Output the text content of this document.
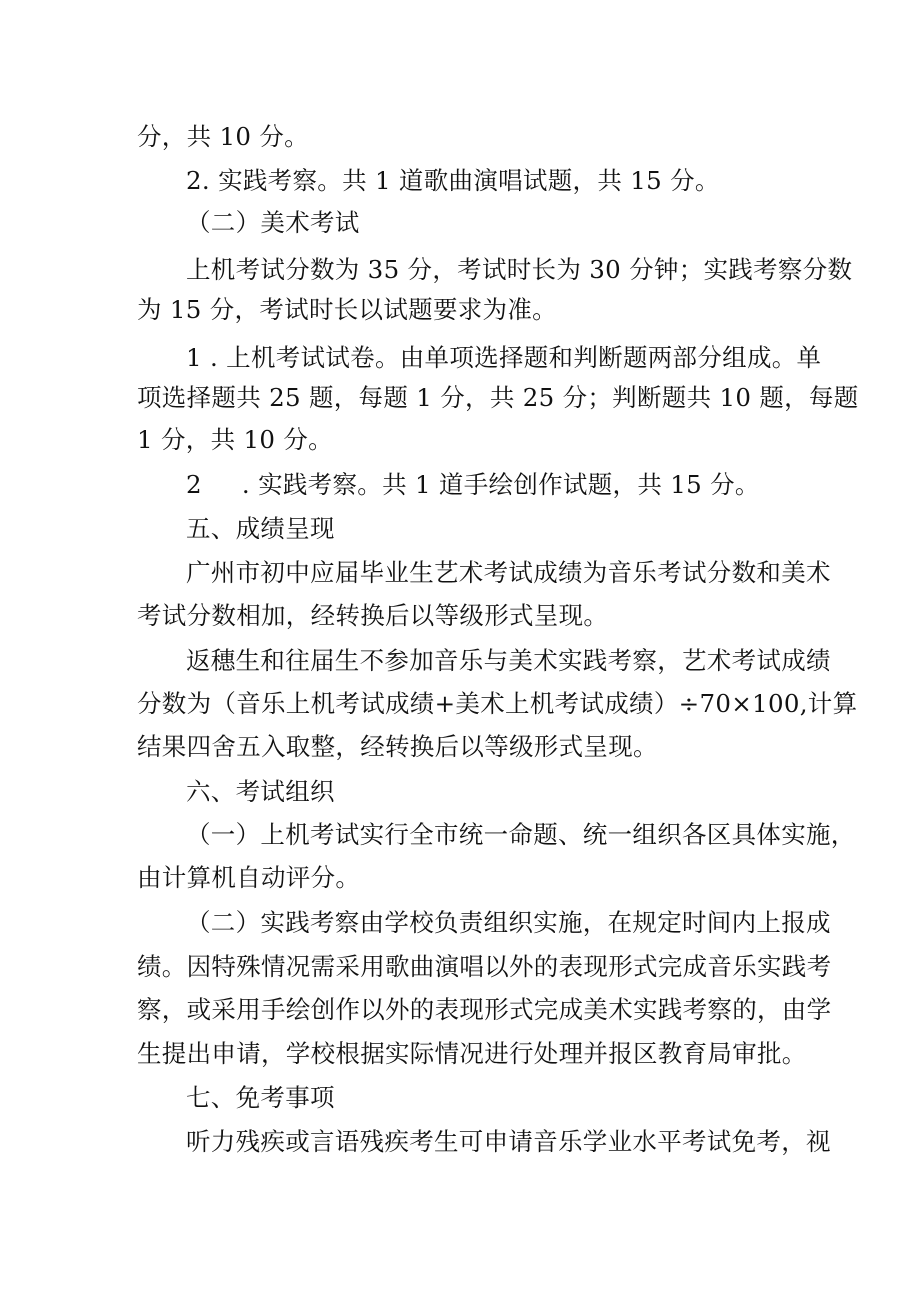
分，共 10 分。
2. 实践考察。共 1 道歌曲演唱试题，共 15 分。
（二）美术考试
上机考试分数为 35 分，考试时长为 30 分钟；实践考察分数
为 15 分，考试时长以试题要求为准。
1 . 上机考试试卷。由单项选择题和判断题两部分组成。单
项选择题共 25 题，每题 1 分，共 25 分；判断题共 10 题，每题
1 分，共 10 分。
2 . 实践考察。共 1 道手绘创作试题，共 15 分。
五、成绩呈现
广州市初中应届毕业生艺术考试成绩为音乐考试分数和美术
考试分数相加，经转换后以等级形式呈现。
返穗生和往届生不参加音乐与美术实践考察，艺术考试成绩
分数为（音乐上机考试成绩+美术上机考试成绩）÷70×100,计算
结果四舍五入取整，经转换后以等级形式呈现。
六、考试组织
（一）上机考试实行全市统一命题、统一组织各区具体实施，
由计算机自动评分。
（二）实践考察由学校负责组织实施，在规定时间内上报成
绩。因特殊情况需采用歌曲演唱以外的表现形式完成音乐实践考
察，或采用手绘创作以外的表现形式完成美术实践考察的，由学
生提出申请，学校根据实际情况进行处理并报区教育局审批。
七、免考事项
听力残疾或言语残疾考生可申请音乐学业水平考试免考，视
